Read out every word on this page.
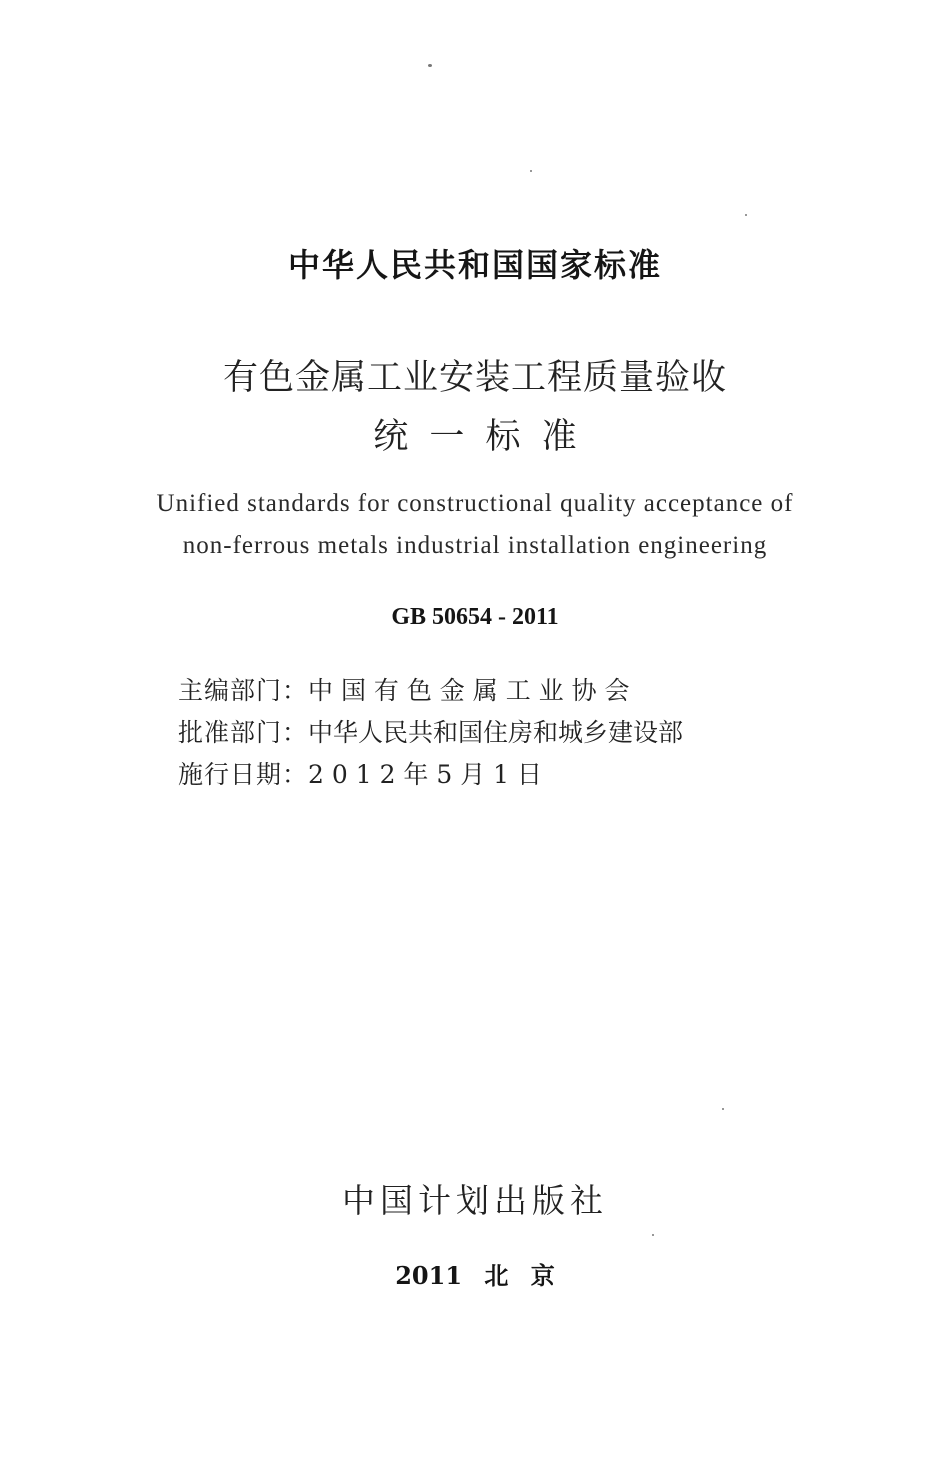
中华人民共和国国家标准
有色金属工业安装工程质量验收
统 一 标 准
Unified standards for constructional quality acceptance of
non-ferrous metals industrial installation engineering
GB 50654 - 2011
主编部门：中 国 有 色 金 属 工 业 协 会
批准部门：中华人民共和国住房和城乡建设部
施行日期：2 0 1 2 年 5 月 1 日
中国计划出版社
2011 北 京
